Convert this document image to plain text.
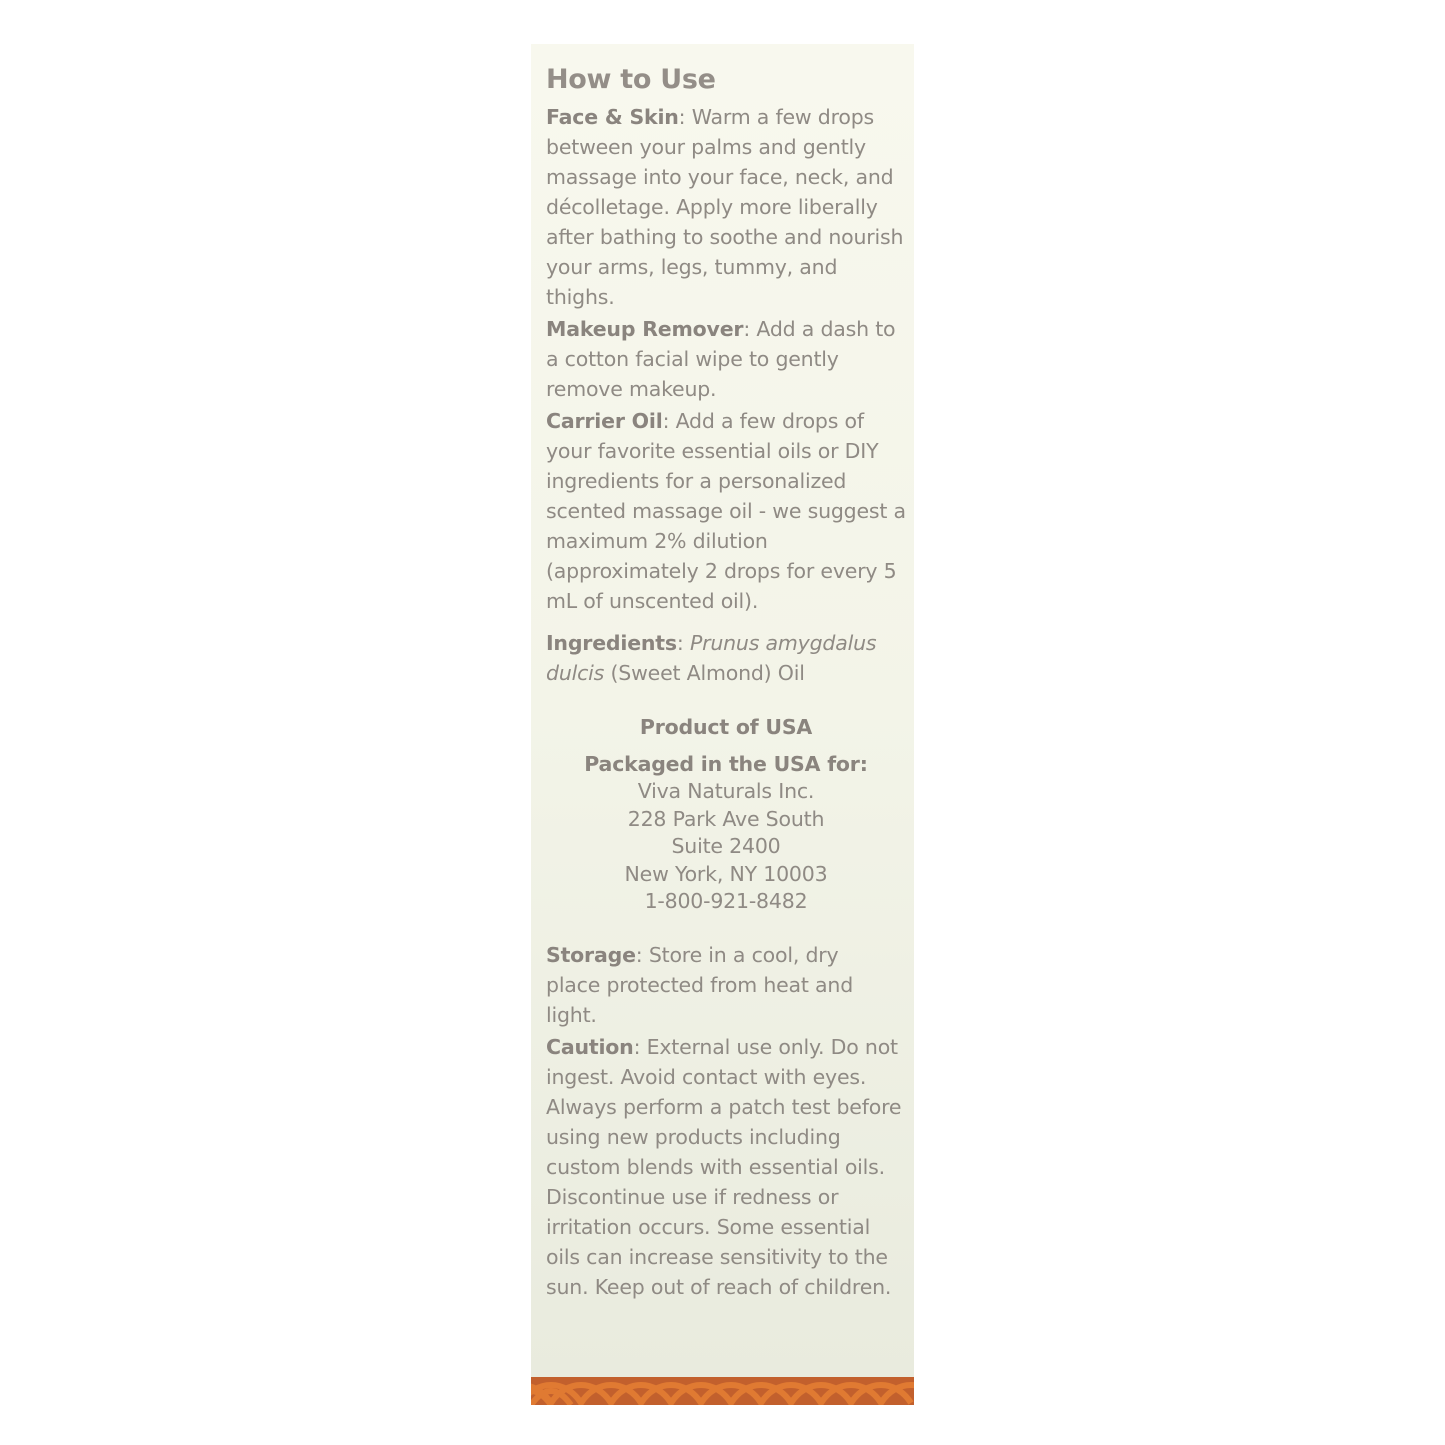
How to Use

Face & Skin: Warm a few drops between your palms and gently massage into your face, neck, and décolletage. Apply more liberally after bathing to soothe and nourish your arms, legs, tummy, and thighs.

Makeup Remover: Add a dash to a cotton facial wipe to gently remove makeup.

Carrier Oil: Add a few drops of your favorite essential oils or DIY ingredients for a personalized scented massage oil - we suggest a maximum 2% dilution (approximately 2 drops for every 5 mL of unscented oil).

Ingredients: Prunus amygdalus dulcis (Sweet Almond) Oil

Product of USA

Packaged in the USA for:

Viva Naturals Inc.

228 Park Ave South

Suite 2400

New York, NY 10003

1-800-921-8482

Storage: Store in a cool, dry place protected from heat and light.

Caution: External use only. Do not ingest. Avoid contact with eyes. Always perform a patch test before using new products including custom blends with essential oils. Discontinue use if redness or irritation occurs. Some essential oils can increase sensitivity to the sun. Keep out of reach of children.
